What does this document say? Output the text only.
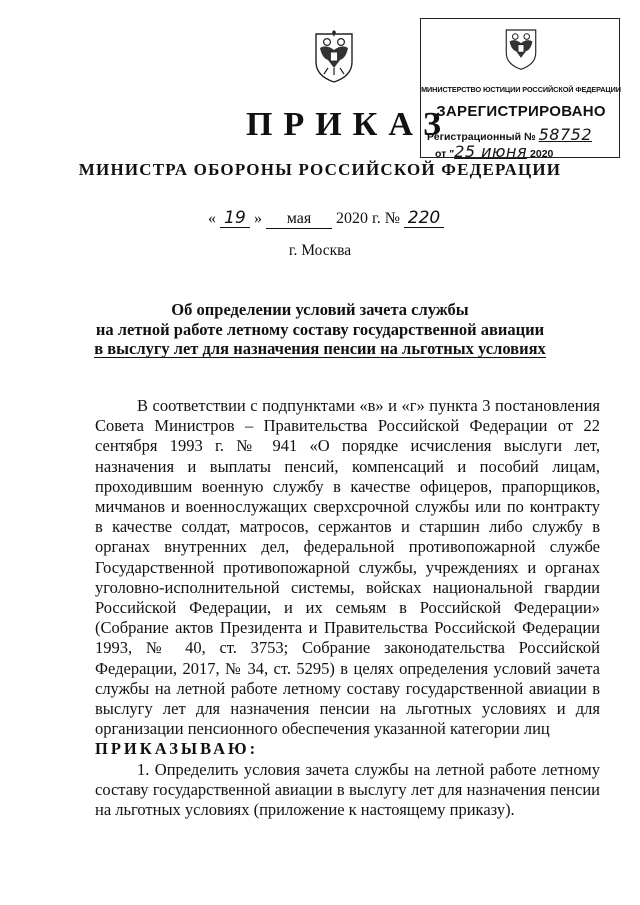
МИНИСТЕРСТВО ЮСТИЦИИ РОССИЙСКОЙ ФЕДЕРАЦИИ
ЗАРЕГИСТРИРОВАНО
Регистрационный № 58752
от "25 июня 2020
ПРИКАЗ
МИНИСТРА ОБОРОНЫ РОССИЙСКОЙ ФЕДЕРАЦИИ
« 19 » мая 2020 г. № 220
г. Москва
Об определении условий зачета службы
на летной работе летному составу государственной авиации
в выслугу лет для назначения пенсии на льготных условиях

В соответствии с подпунктами «в» и «г» пункта 3 постановления Совета Министров – Правительства Российской Федерации от 22 сентября 1993 г. № 941 «О порядке исчисления выслуги лет, назначения и выплаты пенсий, компенсаций и пособий лицам, проходившим военную службу в качестве офицеров, прапорщиков, мичманов и военнослужащих сверхсрочной службы или по контракту в качестве солдат, матросов, сержантов и старшин либо службу в органах внутренних дел, федеральной противопожарной службе Государственной противопожарной службы, учреждениях и органах уголовно-исполнительной системы, войсках национальной гвардии Российской Федерации, и их семьям в Российской Федерации» (Собрание актов Президента и Правительства Российской Федерации 1993, № 40, ст. 3753; Собрание законодательства Российской Федерации, 2017, № 34, ст. 5295) в целях определения условий зачета службы на летной работе летному составу государственной авиации в выслугу лет для назначения пенсии на льготных условиях и для организации пенсионного обеспечения указанной категории лиц

ПРИКАЗЫВАЮ:

1. Определить условия зачета службы на летной работе летному составу государственной авиации в выслугу лет для назначения пенсии на льготных условиях (приложение к настоящему приказу).
